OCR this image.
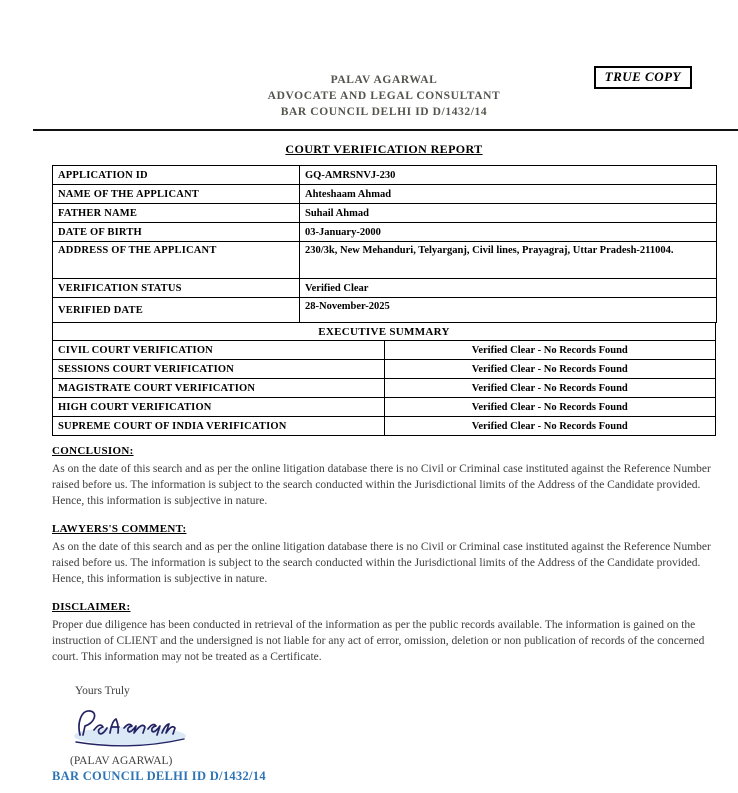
TRUE COPY
PALAV AGARWAL
ADVOCATE AND LEGAL CONSULTANT
BAR COUNCIL DELHI ID D/1432/14
COURT VERIFICATION REPORT
APPLICATION ID	GQ-AMRSNVJ-230
NAME OF THE APPLICANT	Ahteshaam Ahmad
FATHER NAME	Suhail Ahmad
DATE OF BIRTH	03-January-2000
ADDRESS OF THE APPLICANT	230/3k, New Mehanduri, Telyarganj, Civil lines, Prayagraj, Uttar Pradesh-211004.
VERIFICATION STATUS	Verified Clear
VERIFIED DATE	28-November-2025
EXECUTIVE SUMMARY	
CIVIL COURT VERIFICATION	Verified Clear - No Records Found
SESSIONS COURT VERIFICATION	Verified Clear - No Records Found
MAGISTRATE COURT VERIFICATION	Verified Clear - No Records Found
HIGH COURT VERIFICATION	Verified Clear - No Records Found
SUPREME COURT OF INDIA VERIFICATION	Verified Clear - No Records Found
CONCLUSION:

As on the date of this search and as per the online litigation database there is no Civil or Criminal case instituted against the Reference Number raised before us. The information is subject to the search conducted within the Jurisdictional limits of the Address of the Candidate provided. Hence, this information is subjective in nature.

LAWYERS'S COMMENT:

As on the date of this search and as per the online litigation database there is no Civil or Criminal case instituted against the Reference Number raised before us. The information is subject to the search conducted within the Jurisdictional limits of the Address of the Candidate provided. Hence, this information is subjective in nature.

DISCLAIMER:

Proper due diligence has been conducted in retrieval of the information as per the public records available. The information is gained on the instruction of CLIENT and the undersigned is not liable for any act of error, omission, deletion or non publication of records of the concerned court. This information may not be treated as a Certificate.

Yours Truly
(PALAV AGARWAL)
BAR COUNCIL DELHI ID D/1432/14
